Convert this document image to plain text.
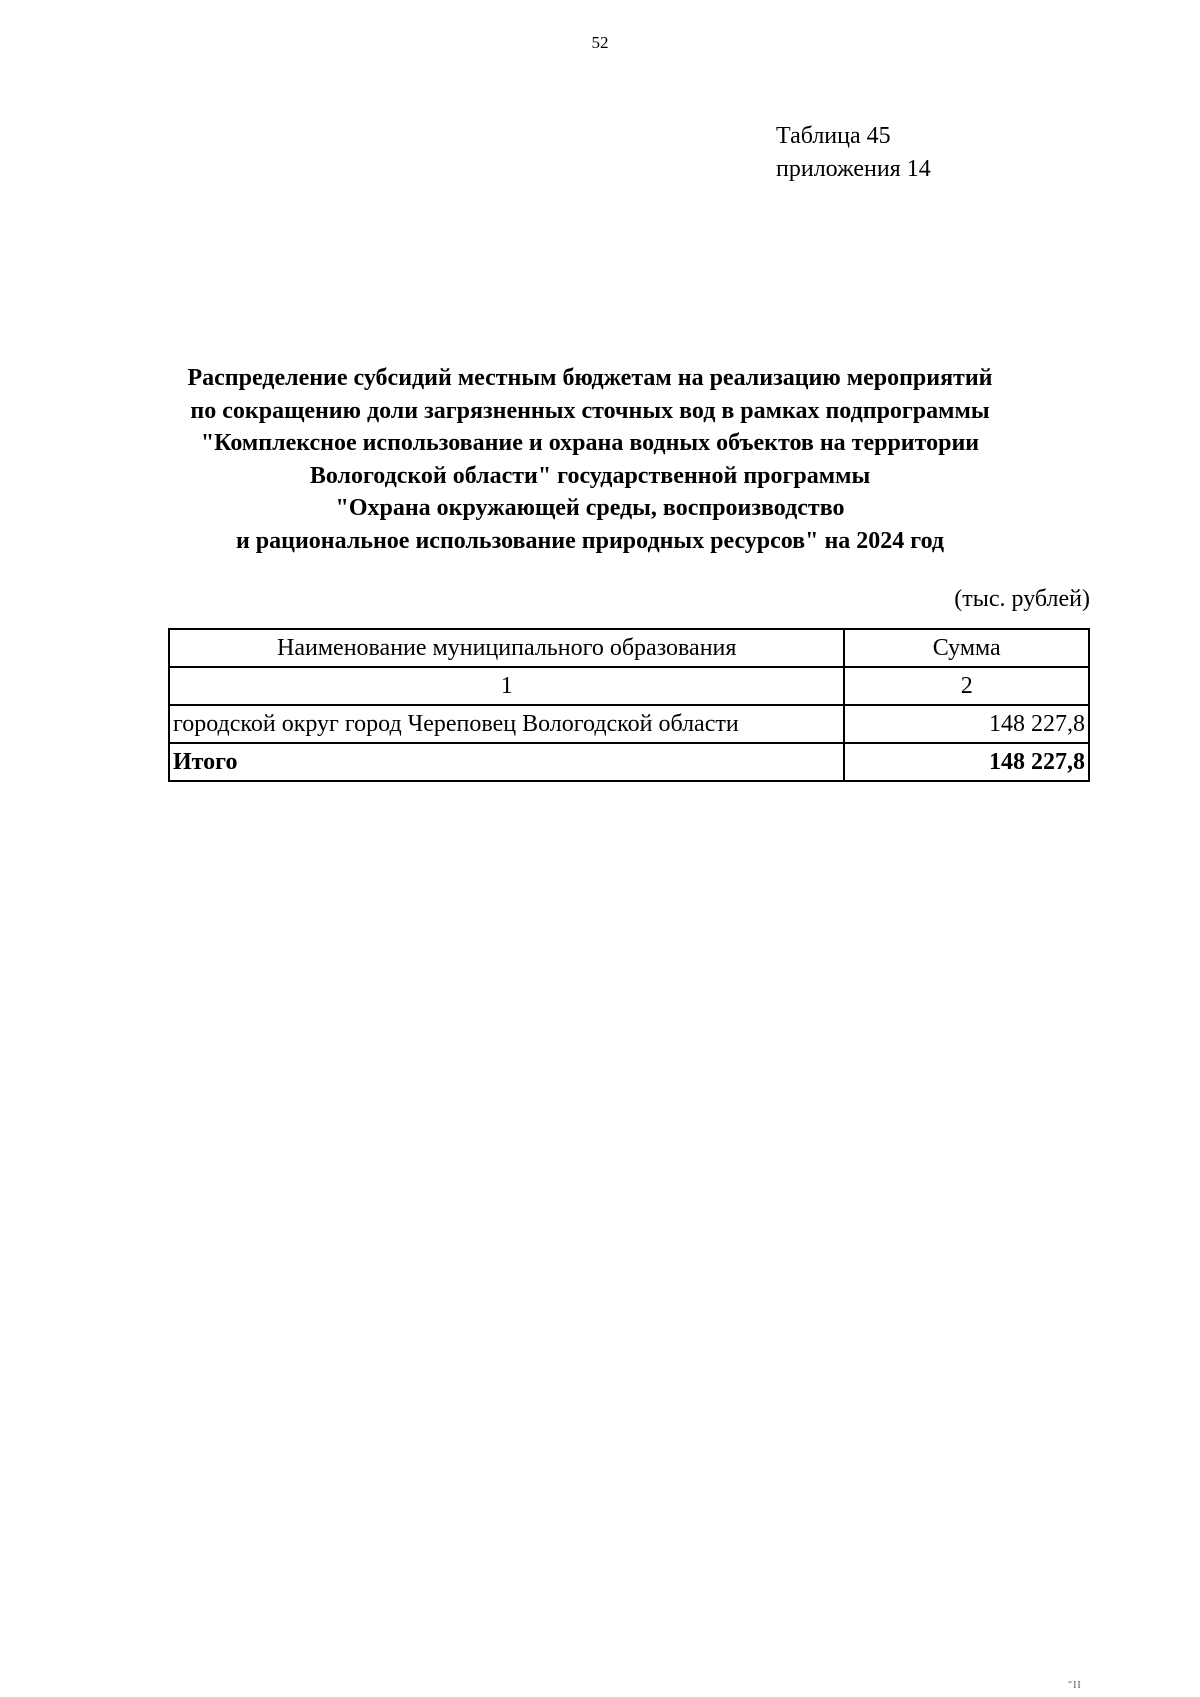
52
Таблица 45
приложения 14
Распределение субсидий местным бюджетам на реализацию мероприятий
по сокращению доли загрязненных сточных вод в рамках подпрограммы
"Комплексное использование и охрана водных объектов на территории
Вологодской области" государственной программы
"Охрана окружающей среды, воспроизводство
и рациональное использование природных ресурсов" на 2024 год
(тыс. рублей)
Наименование муниципального образования	Сумма
1	2
городской округ город Череповец Вологодской области	148 227,8
Итого	148 227,8
"II
